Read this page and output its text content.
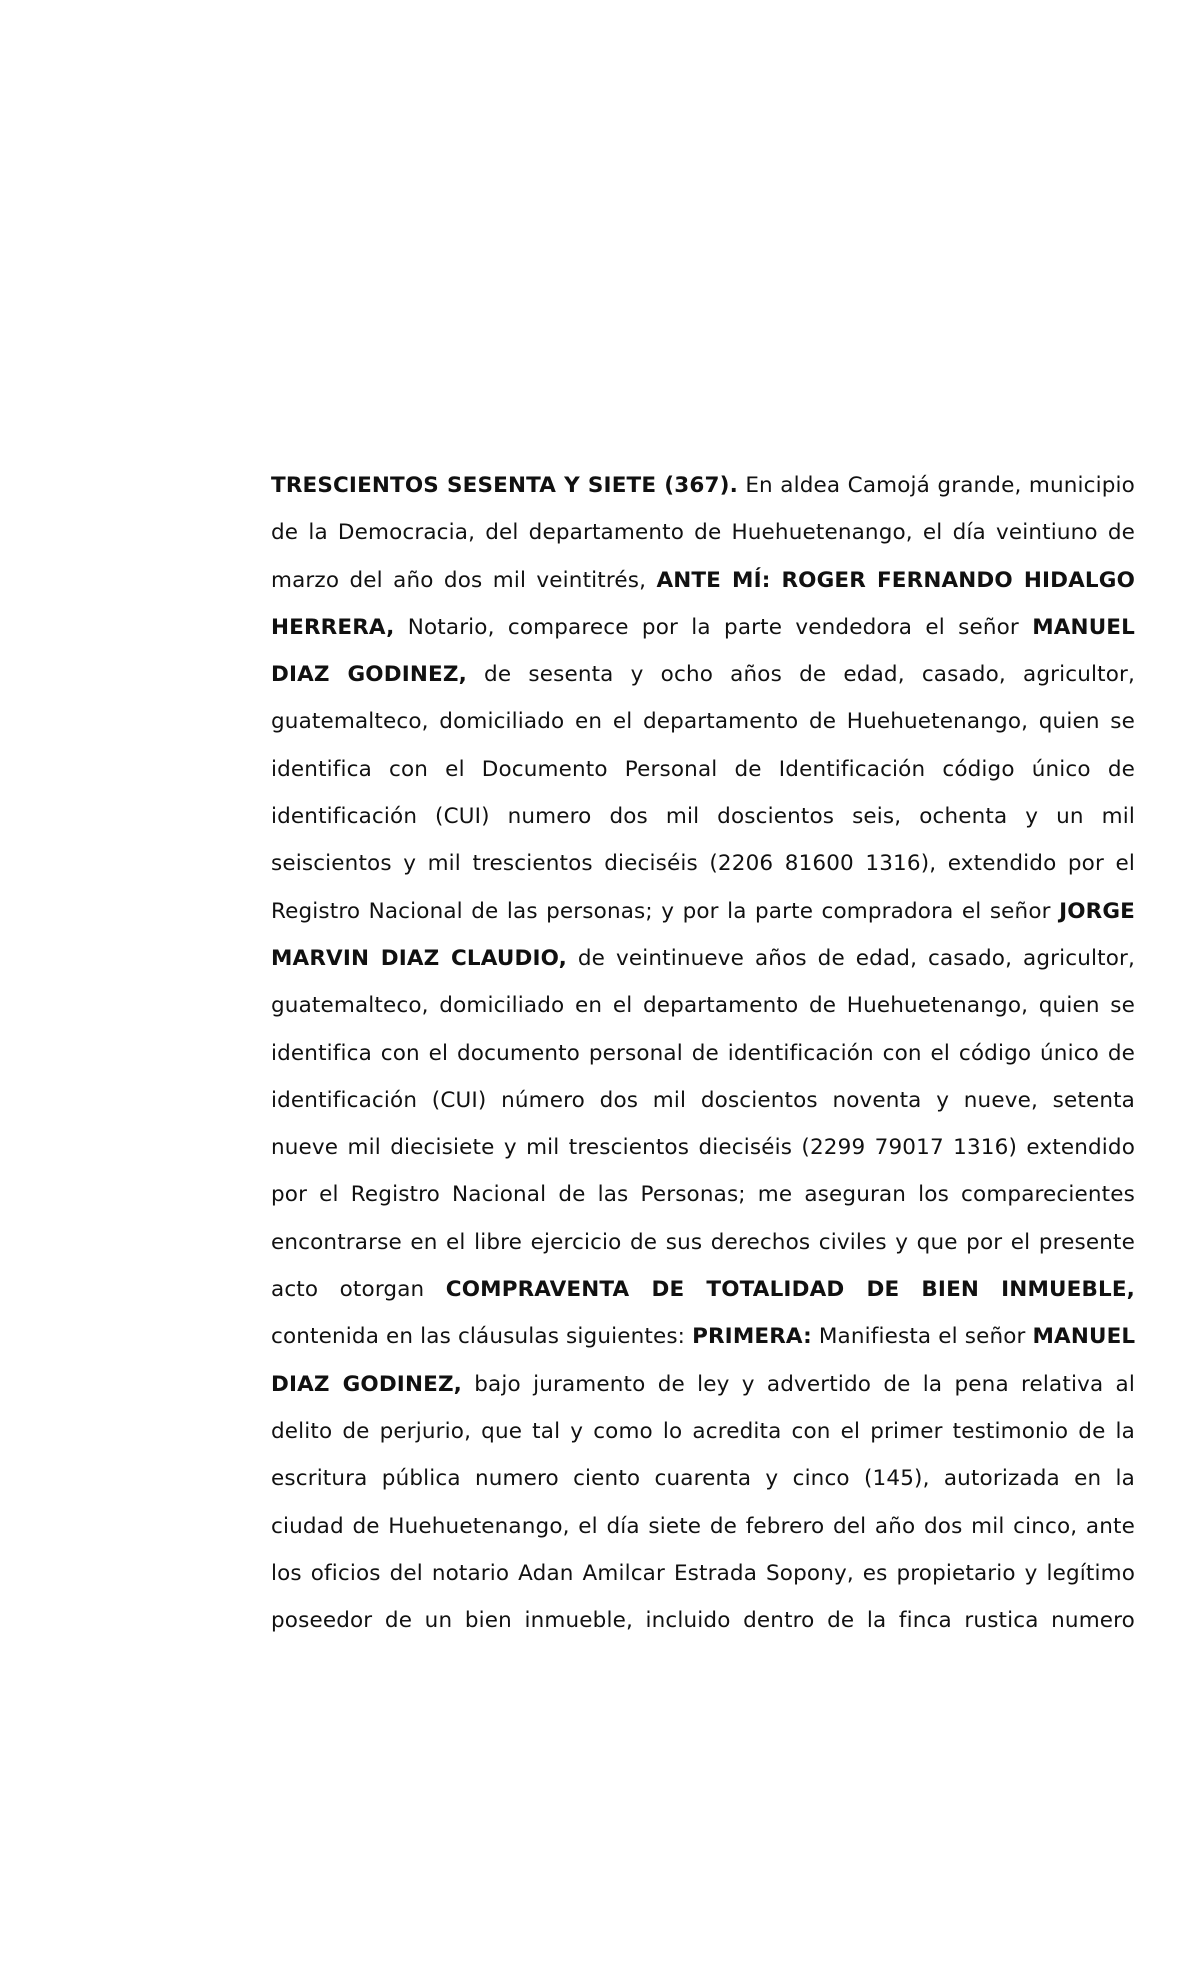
TRESCIENTOS SESENTA Y SIETE (367). En aldea Camojá grande, municipio
de la Democracia, del departamento de Huehuetenango, el día veintiuno de
marzo del año dos mil veintitrés, ANTE MÍ: ROGER FERNANDO HIDALGO
HERRERA, Notario, comparece por la parte vendedora el señor MANUEL
DIAZ GODINEZ, de sesenta y ocho años de edad, casado, agricultor,
guatemalteco, domiciliado en el departamento de Huehuetenango, quien se
identifica con el Documento Personal de Identificación código único de
identificación (CUI) numero dos mil doscientos seis, ochenta y un mil
seiscientos y mil trescientos dieciséis (2206 81600 1316), extendido por el
Registro Nacional de las personas; y por la parte compradora el señor JORGE
MARVIN DIAZ CLAUDIO, de veintinueve años de edad, casado, agricultor,
guatemalteco, domiciliado en el departamento de Huehuetenango, quien se
identifica con el documento personal de identificación con el código único de
identificación (CUI) número dos mil doscientos noventa y nueve, setenta
nueve mil diecisiete y mil trescientos dieciséis (2299 79017 1316) extendido
por el Registro Nacional de las Personas; me aseguran los comparecientes
encontrarse en el libre ejercicio de sus derechos civiles y que por el presente
acto otorgan COMPRAVENTA DE TOTALIDAD DE BIEN INMUEBLE,
contenida en las cláusulas siguientes: PRIMERA: Manifiesta el señor MANUEL
DIAZ GODINEZ, bajo juramento de ley y advertido de la pena relativa al
delito de perjurio, que tal y como lo acredita con el primer testimonio de la
escritura pública numero ciento cuarenta y cinco (145), autorizada en la
ciudad de Huehuetenango, el día siete de febrero del año dos mil cinco, ante
los oficios del notario Adan Amilcar Estrada Sopony, es propietario y legítimo
poseedor de un bien inmueble, incluido dentro de la finca rustica numero
